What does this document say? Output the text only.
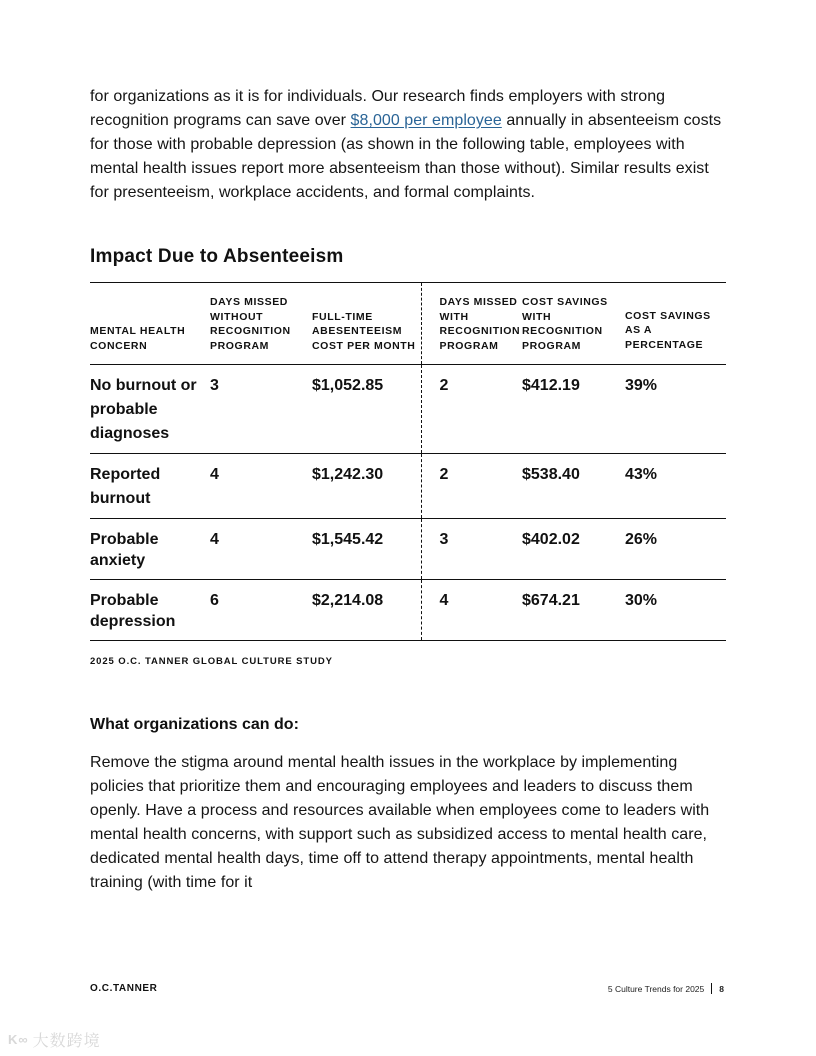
for organizations as it is for individuals. Our research finds employers with strong recognition programs can save over $8,000 per employee annually in absenteeism costs for those with probable depression (as shown in the following table, employees with mental health issues report more absenteeism than those without). Similar results exist for presenteeism, workplace accidents, and formal complaints.

Impact Due to Absenteeism
MENTAL HEALTH CONCERN	DAYS MISSED WITHOUT RECOGNITION PROGRAM	FULL-TIME ABESENTEEISM COST PER MONTH	DAYS MISSED WITH RECOGNITION PROGRAM	COST SAVINGS WITH RECOGNITION PROGRAM	COST SAVINGS AS A PERCENTAGE
No burnout or probable diagnoses	3	$1,052.85	2	$412.19	39%
Reported burnout	4	$1,242.30	2	$538.40	43%
Probable anxiety	4	$1,545.42	3	$402.02	26%
Probable depression	6	$2,214.08	4	$674.21	30%

2025 O.C. TANNER GLOBAL CULTURE STUDY

What organizations can do:

Remove the stigma around mental health issues in the workplace by implementing policies that prioritize them and encouraging employees and leaders to discuss them openly. Have a process and resources available when employees come to leaders with mental health concerns, with support such as subsidized access to mental health care, dedicated mental health days, time off to attend therapy appointments, mental health training (with time for it

O.C.TANNER	5 Culture Trends for 2025 8
K∞ 大数跨境
